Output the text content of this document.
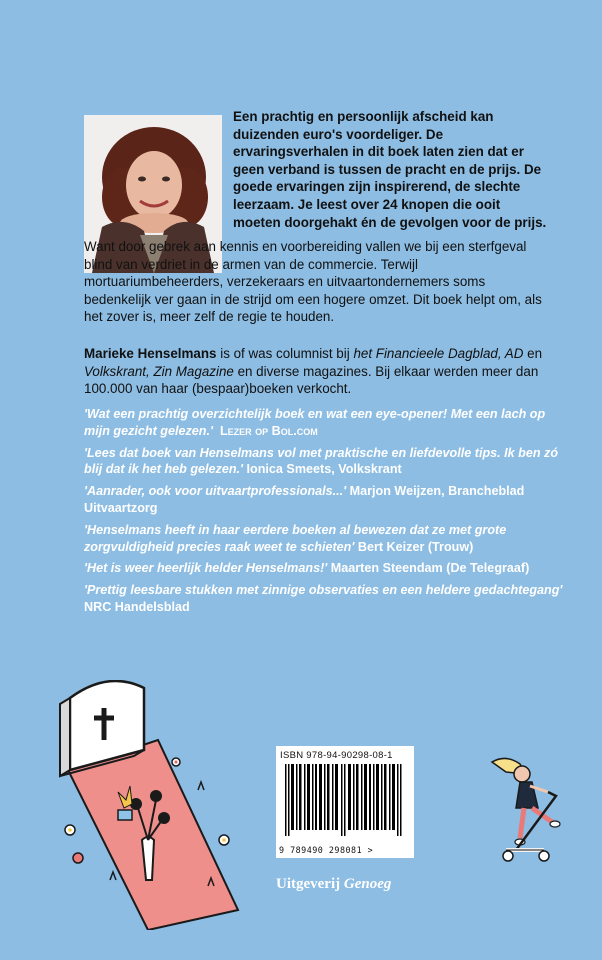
Een prachtig en persoonlijk afscheid kan duizenden euro's voordeliger. De ervaringsverhalen in dit boek laten zien dat er geen verband is tussen de pracht en de prijs. De goede ervaringen zijn inspirerend, de slechte leerzaam. Je leest over 24 knopen die ooit moeten doorgehakt én de gevolgen voor de prijs.

Want door gebrek aan kennis en voorbereiding vallen we bij een sterfgeval blind van verdriet in de armen van de commercie. Terwijl mortuariumbeheerders, verzekeraars en uitvaartondernemers soms bedenkelijk ver gaan in de strijd om een hogere omzet. Dit boek helpt om, als het zover is, meer zelf de regie te houden.

Marieke Henselmans is of was columnist bij het Financieele Dagblad, AD en Volkskrant, Zin Magazine en diverse magazines. Bij elkaar werden meer dan 100.000 van haar (bespaar)boeken verkocht.

'Wat een prachtig overzichtelijk boek en wat een eye-opener! Met een lach op mijn gezicht gelezen.' Lezer op Bol.com

'Lees dat boek van Henselmans vol met praktische en liefdevolle tips. Ik ben zó blij dat ik het heb gelezen.' Ionica Smeets, Volkskrant

'Aanrader, ook voor uitvaartprofessionals...' Marjon Weijzen, Brancheblad Uitvaartzorg

'Henselmans heeft in haar eerdere boeken al bewezen dat ze met grote zorgvuldigheid precies raak weet te schieten' Bert Keizer (Trouw)

'Het is weer heerlijk helder Henselmans!' Maarten Steendam (De Telegraaf)

'Prettig leesbare stukken met zinnige observaties en een heldere gedachtegang' NRC Handelsblad

ISBN 978-94-90298-08-1
9 789490 298081 >
Uitgeverij Genoeg
